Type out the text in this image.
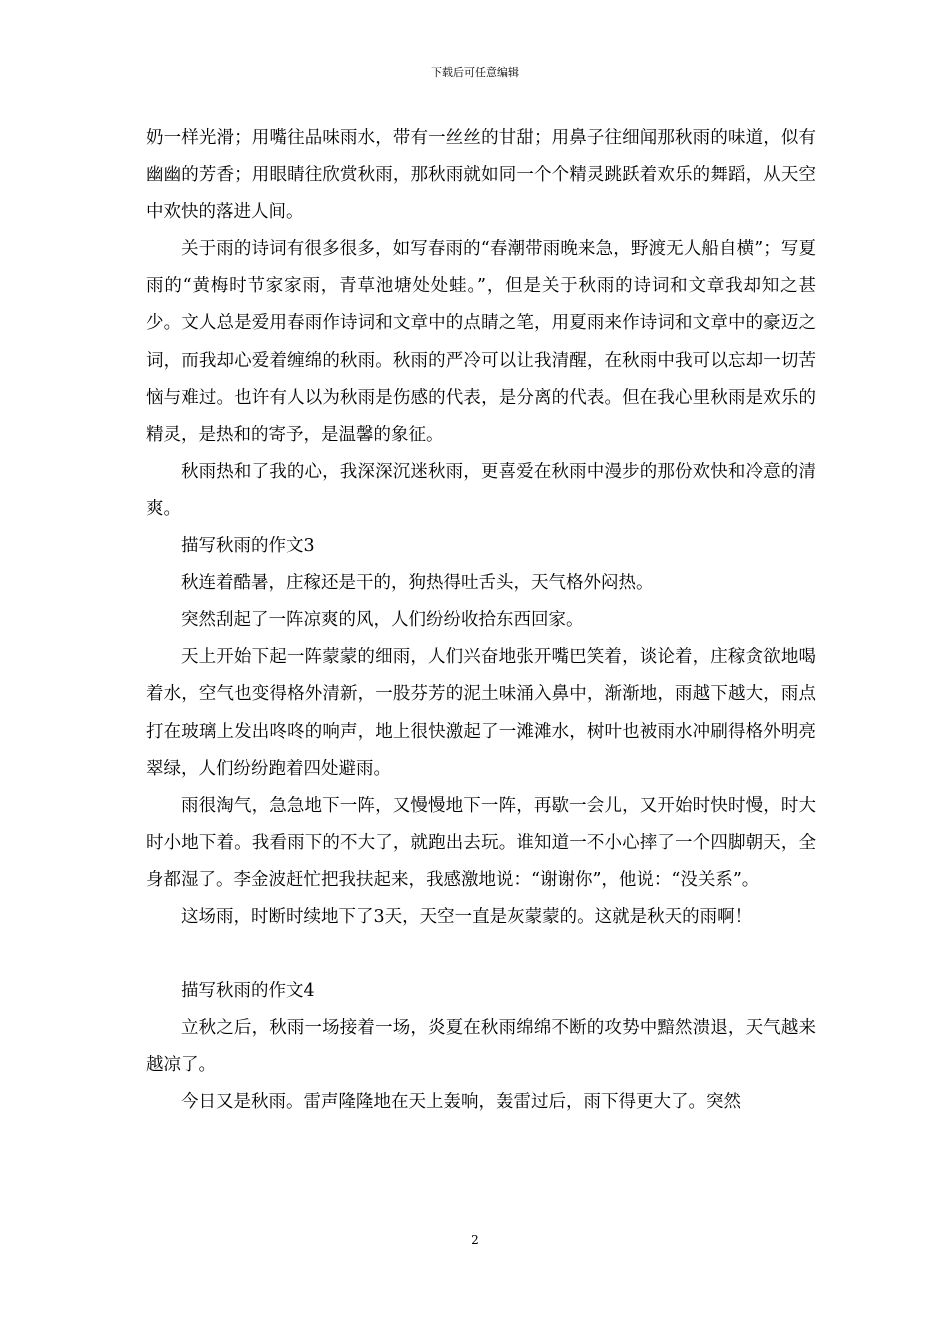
下载后可任意编辑

奶一样光滑；用嘴往品味雨水，带有一丝丝的甘甜；用鼻子往细闻那秋雨的味道，似有幽幽的芳香；用眼睛往欣赏秋雨，那秋雨就如同一个个精灵跳跃着欢乐的舞蹈，从天空中欢快的落进人间。

关于雨的诗词有很多很多，如写春雨的“春潮带雨晚来急，野渡无人船自横”；写夏雨的“黄梅时节家家雨，青草池塘处处蛙。”，但是关于秋雨的诗词和文章我却知之甚少。文人总是爱用春雨作诗词和文章中的点睛之笔，用夏雨来作诗词和文章中的豪迈之词，而我却心爱着缠绵的秋雨。秋雨的严冷可以让我清醒，在秋雨中我可以忘却一切苦恼与难过。也许有人以为秋雨是伤感的代表，是分离的代表。但在我心里秋雨是欢乐的精灵，是热和的寄予，是温馨的象征。

秋雨热和了我的心，我深深沉迷秋雨，更喜爱在秋雨中漫步的那份欢快和冷意的清爽。

描写秋雨的作文3

秋连着酷暑，庄稼还是干的，狗热得吐舌头，天气格外闷热。

突然刮起了一阵凉爽的风，人们纷纷收拾东西回家。

天上开始下起一阵蒙蒙的细雨，人们兴奋地张开嘴巴笑着，谈论着，庄稼贪欲地喝着水，空气也变得格外清新，一股芬芳的泥土味涌入鼻中，渐渐地，雨越下越大，雨点打在玻璃上发出咚咚的响声，地上很快激起了一滩滩水，树叶也被雨水冲刷得格外明亮翠绿，人们纷纷跑着四处避雨。

雨很淘气，急急地下一阵，又慢慢地下一阵，再歇一会儿，又开始时快时慢，时大时小地下着。我看雨下的不大了，就跑出去玩。谁知道一不小心摔了一个四脚朝天，全身都湿了。李金波赶忙把我扶起来，我感激地说：“谢谢你”，他说：“没关系”。

这场雨，时断时续地下了3天，天空一直是灰蒙蒙的。这就是秋天的雨啊！

描写秋雨的作文4

立秋之后，秋雨一场接着一场，炎夏在秋雨绵绵不断的攻势中黯然溃退，天气越来越凉了。

今日又是秋雨。雷声隆隆地在天上轰响，轰雷过后，雨下得更大了。突然

2
